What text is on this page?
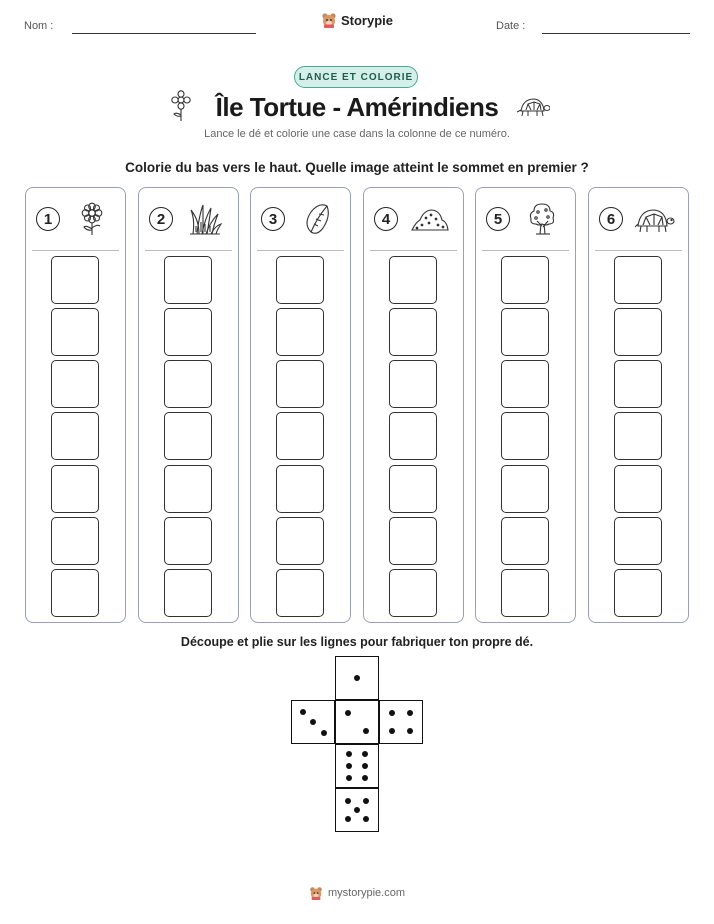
Nom :	Storypie	Date :
LANCE ET COLORIE
Île Tortue - Amérindiens
Lance le dé et colorie une case dans la colonne de ce numéro.
Colorie du bas vers le haut. Quelle image atteint le sommet en premier ?
1	2	3	4	5	6
Découpe et plie sur les lignes pour fabriquer ton propre dé.
mystorypie.com
